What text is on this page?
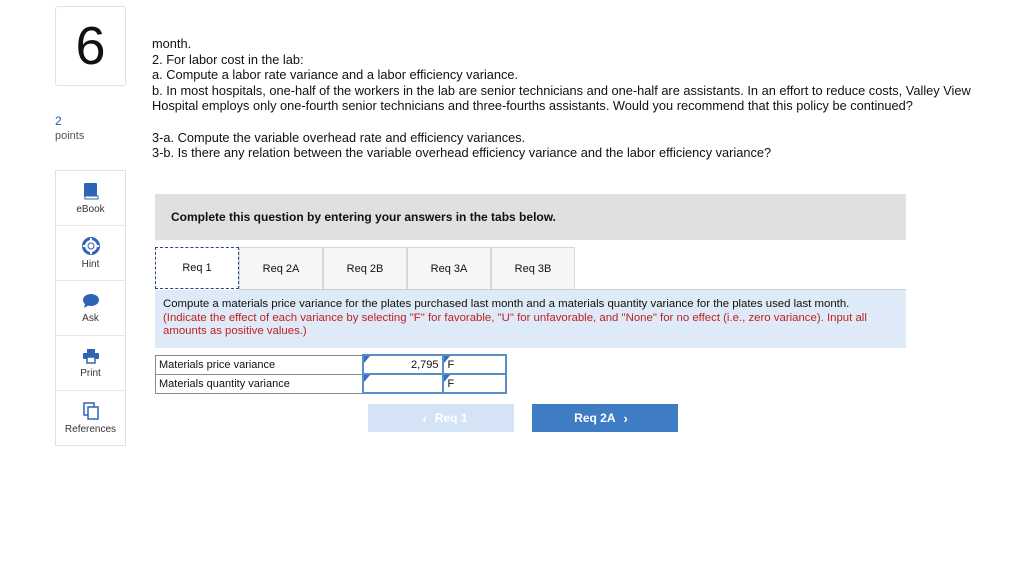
6
2
points
eBook
Hint
Ask
Print
References

month.

2. For labor cost in the lab:

a. Compute a labor rate variance and a labor efficiency variance.

b. In most hospitals, one-half of the workers in the lab are senior technicians and one-half are assistants. In an effort to reduce costs, Valley View Hospital employs only one-fourth senior technicians and three-fourths assistants. Would you recommend that this policy be continued?

3-a. Compute the variable overhead rate and efficiency variances.

3-b. Is there any relation between the variable overhead efficiency variance and the labor efficiency variance?

Complete this question by entering your answers in the tabs below.
Req 1	Req 2A	Req 2B	Req 3A	Req 3B
Compute a materials price variance for the plates purchased last month and a materials quantity variance for the plates used last month. (Indicate the effect of each variance by selecting "F" for favorable, "U" for unfavorable, and "None" for no effect (i.e., zero variance). Input all amounts as positive values.)
Materials price variance	2,795	F
Materials quantity variance		F
‹ Req 1	Req 2A ›
